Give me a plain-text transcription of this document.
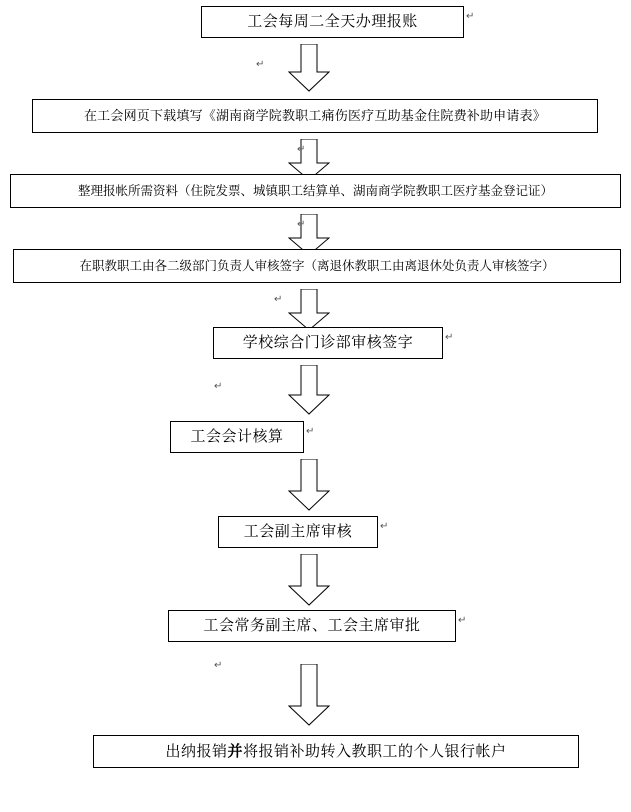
工会每周二全天办理报账	↵
↵
在工会网页下载填写《湖南商学院教职工痛伤医疗互助基金住院费补助申请表》
↵
整理报帐所需资料（住院发票、城镇职工结算单、湖南商学院教职工医疗基金登记证）
↵
在职教职工由各二级部门负责人审核签字（离退休教职工由离退休处负责人审核签字）
↵
学校综合门诊部审核签字	↵
↵
工会会计核算 ↵
工会副主席审核	↵
工会常务副主席、工会主席审批	↵
↵
出纳报销 并 将报销补助转入教职工的个人银行帐户
